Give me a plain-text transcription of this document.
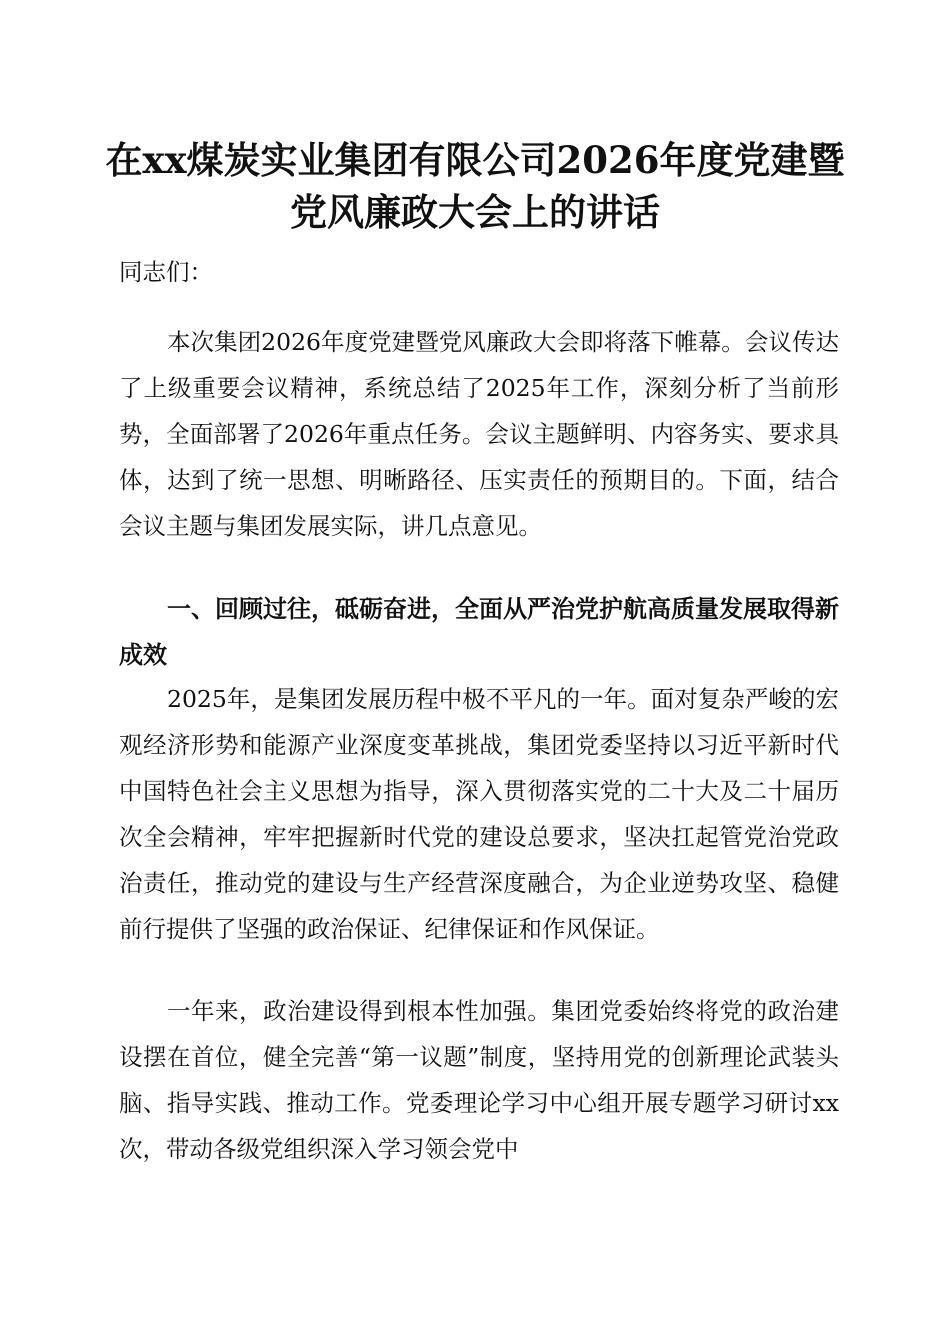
在xx煤炭实业集团有限公司2026年度党建暨
党风廉政大会上的讲话

同志们：

本次集团2026年度党建暨党风廉政大会即将落下帷幕。会议传达了上级重要会议精神，系统总结了2025年工作，深刻分析了当前形势，全面部署了2026年重点任务。会议主题鲜明、内容务实、要求具体，达到了统一思想、明晰路径、压实责任的预期目的。下面，结合会议主题与集团发展实际，讲几点意见。

一、回顾过往，砥砺奋进，全面从严治党护航高质量发展取得新成效

2025年，是集团发展历程中极不平凡的一年。面对复杂严峻的宏观经济形势和能源产业深度变革挑战，集团党委坚持以习近平新时代中国特色社会主义思想为指导，深入贯彻落实党的二十大及二十届历次全会精神，牢牢把握新时代党的建设总要求，坚决扛起管党治党政治责任，推动党的建设与生产经营深度融合，为企业逆势攻坚、稳健前行提供了坚强的政治保证、纪律保证和作风保证。

一年来，政治建设得到根本性加强。集团党委始终将党的政治建设摆在首位，健全完善“第一议题”制度，坚持用党的创新理论武装头脑、指导实践、推动工作。党委理论学习中心组开展专题学习研讨xx次，带动各级党组织深入学习领会党中
